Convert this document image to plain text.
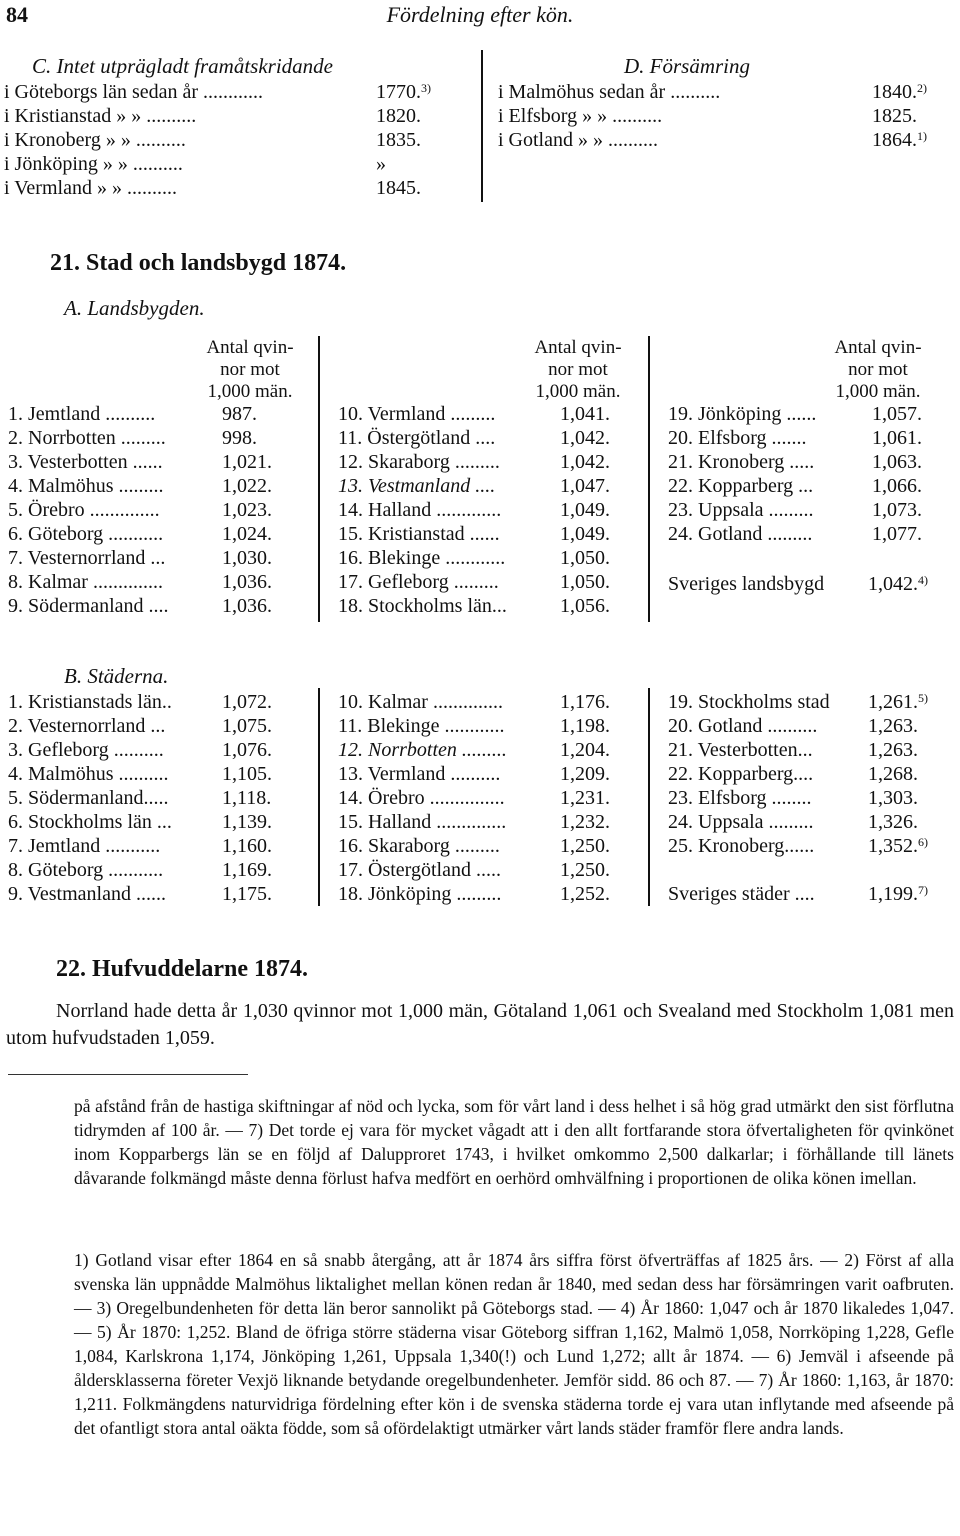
84	Fördelning efter kön.
C. Intet utprägladt framåtskridande
i Göteborgs län sedan år ............	1770.$^{3)}$
i Kristianstad » » ..........	1820.
i Kronoberg » » ..........	1835.
i Jönköping » » ..........	»
i Vermland » » ..........	1845.
D. Försämring
i Malmöhus sedan år ..........	1840.$^{2)}$
i Elfsborg » » ..........	1825.
i Gotland » » ..........	1864.$^{1)}$
21. Stad och landsbygd 1874.
A. Landsbygden.
Antal qvin-
nor mot
1,000 män.
Antal qvin-
nor mot
1,000 män.
Antal qvin-
nor mot
1,000 män.
1. Jemtland ..........	987.
2. Norrbotten .........	998.
3. Vesterbotten ......	1,021.
4. Malmöhus .........	1,022.
5. Örebro ..............	1,023.
6. Göteborg ...........	1,024.
7. Vesternorrland ...	1,030.
8. Kalmar ..............	1,036.
9. Södermanland ....	1,036.
10. Vermland .........	1,041.
11. Östergötland ....	1,042.
12. Skaraborg .........	1,042.
13. Vestmanland ....	1,047.
14. Halland .............	1,049.
15. Kristianstad ......	1,049.
16. Blekinge ............	1,050.
17. Gefleborg .........	1,050.
18. Stockholms län...	1,056.
19. Jönköping ......	1,057.
20. Elfsborg .......	1,061.
21. Kronoberg .....	1,063.
22. Kopparberg ...	1,066.
23. Uppsala .........	1,073.
24. Gotland .........	1,077.
Sveriges landsbygd 1,042.$^{4)}$
B. Städerna.
1. Kristianstads län..	1,072.
2. Vesternorrland ...	1,075.
3. Gefleborg ..........	1,076.
4. Malmöhus ..........	1,105.
5. Södermanland.....	1,118.
6. Stockholms län ...	1,139.
7. Jemtland ...........	1,160.
8. Göteborg ...........	1,169.
9. Vestmanland ......	1,175.
10. Kalmar ..............	1,176.
11. Blekinge ............	1,198.
12. Norrbotten .........	1,204.
13. Vermland ..........	1,209.
14. Örebro ...............	1,231.
15. Halland ..............	1,232.
16. Skaraborg .........	1,250.
17. Östergötland .....	1,250.
18. Jönköping .........	1,252.
19. Stockholms stad 1,261.$^{5)}$
20. Gotland ..........	1,263.
21. Vesterbotten...	1,263.
22. Kopparberg....	1,268.
23. Elfsborg ........	1,303.
24. Uppsala .........	1,326.
25. Kronoberg......	1,352.$^{6)}$
Sveriges städer ....	1,199.$^{7)}$
22. Hufvuddelarne 1874.
Norrland hade detta år 1,030 qvinnor mot 1,000 män, Götaland 1,061 och Svealand med Stockholm 1,081 men utom hufvudstaden 1,059.
på afstånd från de hastiga skiftningar af nöd och lycka, som för vårt land i dess helhet i så hög grad utmärkt den sist förflutna tidrymden af 100 år. — 7) Det torde ej vara för mycket vågadt att i den allt fortfarande stora öfvertaligheten för qvinkönet inom Kopparbergs län se en följd af Dalupproret 1743, i hvilket omkommo 2,500 dalkarlar; i förhållande till länets dåvarande folkmängd måste denna förlust hafva medfört en oerhörd omhvälfning i proportionen de olika könen imellan.
1) Gotland visar efter 1864 en så snabb återgång, att år 1874 års siffra först öfverträffas af 1825 års. — 2) Först af alla svenska län uppnådde Malmöhus liktalighet mellan könen redan år 1840, med sedan dess har försämringen varit oafbruten. — 3) Oregelbundenheten för detta län beror sannolikt på Göteborgs stad. — 4) År 1860: 1,047 och år 1870 likaledes 1,047. — 5) År 1870: 1,252. Bland de öfriga större städerna visar Göteborg siffran 1,162, Malmö 1,058, Norrköping 1,228, Gefle 1,084, Karlskrona 1,174, Jönköping 1,261, Uppsala 1,340(!) och Lund 1,272; allt år 1874. — 6) Jemväl i afseende på åldersklasserna företer Vexjö liknande betydande oregelbundenheter. Jemför sidd. 86 och 87. — 7) År 1860: 1,163, år 1870: 1,211. Folkmängdens naturvidriga fördelning efter kön i de svenska städerna torde ej vara utan inflytande med afseende på det ofantligt stora antal oäkta födde, som så ofördelaktigt utmärker vårt lands städer framför flere andra lands.
